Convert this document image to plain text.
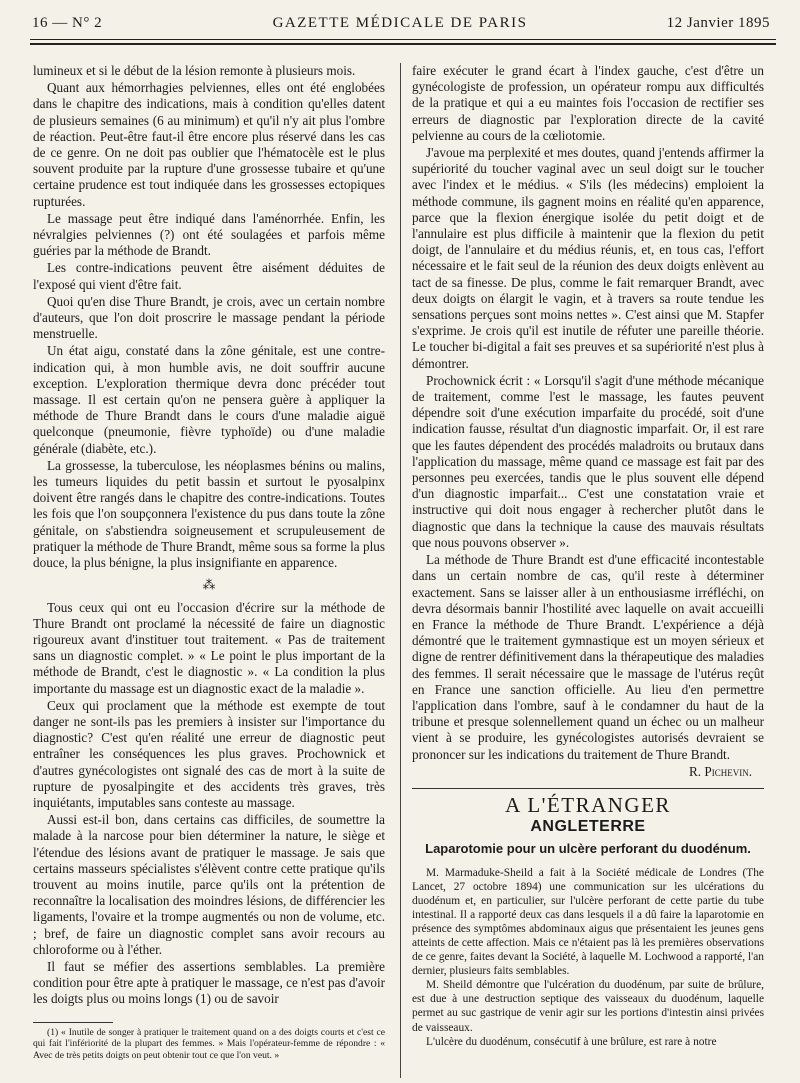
16 — N° 2	GAZETTE MÉDICALE DE PARIS	12 Janvier 1895

lumineux et si le début de la lésion remonte à plusieurs mois.

Quant aux hémorrhagies pelviennes, elles ont été englobées dans le chapitre des indications, mais à condition qu'elles datent de plusieurs semaines (6 au minimum) et qu'il n'y ait plus l'ombre de réaction. Peut-être faut-il être encore plus réservé dans les cas de ce genre. On ne doit pas oublier que l'hématocèle est le plus souvent produite par la rupture d'une grossesse tubaire et qu'une certaine prudence est tout indiquée dans les grossesses ectopiques rupturées.

Le massage peut être indiqué dans l'aménorrhée. Enfin, les névralgies pelviennes (?) ont été soulagées et parfois même guéries par la méthode de Brandt.

Les contre-indications peuvent être aisément déduites de l'exposé qui vient d'être fait.

Quoi qu'en dise Thure Brandt, je crois, avec un certain nombre d'auteurs, que l'on doit proscrire le massage pendant la période menstruelle.

Un état aigu, constaté dans la zône génitale, est une contre-indication qui, à mon humble avis, ne doit souffrir aucune exception. L'exploration thermique devra donc précéder tout massage. Il est certain qu'on ne pensera guère à appliquer la méthode de Thure Brandt dans le cours d'une maladie aiguë quelconque (pneumonie, fièvre typhoïde) ou d'une maladie générale (diabète, etc.).

La grossesse, la tuberculose, les néoplasmes bénins ou malins, les tumeurs liquides du petit bassin et surtout le pyosalpinx doivent être rangés dans le chapitre des contre-indications. Toutes les fois que l'on soupçonnera l'existence du pus dans toute la zône génitale, on s'abstiendra soigneusement et scrupuleusement de pratiquer la méthode de Thure Brandt, même sous sa forme la plus douce, la plus bénigne, la plus insignifiante en apparence.

⁂

Tous ceux qui ont eu l'occasion d'écrire sur la méthode de Thure Brandt ont proclamé la nécessité de faire un diagnostic rigoureux avant d'instituer tout traitement. « Pas de traitement sans un diagnostic complet. » « Le point le plus important de la méthode de Brandt, c'est le diagnostic ». « La condition la plus importante du massage est un diagnostic exact de la maladie ».

Ceux qui proclament que la méthode est exempte de tout danger ne sont-ils pas les premiers à insister sur l'importance du diagnostic? C'est qu'en réalité une erreur de diagnostic peut entraîner les conséquences les plus graves. Prochownick et d'autres gynécologistes ont signalé des cas de mort à la suite de rupture de pyosalpingite et des accidents très graves, très inquiétants, imputables sans conteste au massage.

Aussi est-il bon, dans certains cas difficiles, de soumettre la malade à la narcose pour bien déterminer la nature, le siège et l'étendue des lésions avant de pratiquer le massage. Je sais que certains masseurs spécialistes s'élèvent contre cette pratique qu'ils trouvent au moins inutile, parce qu'ils ont la prétention de reconnaître la localisation des moindres lésions, de différencier les ligaments, l'ovaire et la trompe augmentés ou non de volume, etc. ; bref, de faire un diagnostic complet sans avoir recours au chloroforme ou à l'éther.

Il faut se méfier des assertions semblables. La première condition pour être apte à pratiquer le massage, ce n'est pas d'avoir les doigts plus ou moins longs (1) ou de savoir

(1) « Inutile de songer à pratiquer le traitement quand on a des doigts courts et c'est ce qui fait l'infériorité de la plupart des femmes. » Mais l'opérateur-femme de répondre : « Avec de très petits doigts on peut obtenir tout ce que l'on veut. »

faire exécuter le grand écart à l'index gauche, c'est d'être un gynécologiste de profession, un opérateur rompu aux difficultés de la pratique et qui a eu maintes fois l'occasion de rectifier ses erreurs de diagnostic par l'exploration directe de la cavité pelvienne au cours de la cœliotomie.

J'avoue ma perplexité et mes doutes, quand j'entends affirmer la supériorité du toucher vaginal avec un seul doigt sur le toucher avec l'index et le médius. « S'ils (les médecins) emploient la méthode commune, ils gagnent moins en réalité qu'en apparence, parce que la flexion énergique isolée du petit doigt et de l'annulaire est plus difficile à maintenir que la flexion du petit doigt, de l'annulaire et du médius réunis, et, en tous cas, l'effort nécessaire et le fait seul de la réunion des deux doigts enlèvent au tact de sa finesse. De plus, comme le fait remarquer Brandt, avec deux doigts on élargit le vagin, et à travers sa route tendue les sensations perçues sont moins nettes ». C'est ainsi que M. Stapfer s'exprime. Je crois qu'il est inutile de réfuter une pareille théorie. Le toucher bi-digital a fait ses preuves et sa supériorité n'est plus à démontrer.

Prochownick écrit : « Lorsqu'il s'agit d'une méthode mécanique de traitement, comme l'est le massage, les fautes peuvent dépendre soit d'une exécution imparfaite du procédé, soit d'une indication fausse, résultat d'un diagnostic imparfait. Or, il est rare que les fautes dépendent des procédés maladroits ou brutaux dans l'application du massage, même quand ce massage est fait par des personnes peu exercées, tandis que le plus souvent elle dépend d'un diagnostic imparfait... C'est une constatation vraie et instructive qui doit nous engager à rechercher plutôt dans le diagnostic que dans la technique la cause des mauvais résultats que nous pouvons observer ».

La méthode de Thure Brandt est d'une efficacité incontestable dans un certain nombre de cas, qu'il reste à déterminer exactement. Sans se laisser aller à un enthousiasme irréfléchi, on devra désormais bannir l'hostilité avec laquelle on avait accueilli en France la méthode de Thure Brandt. L'expérience a déjà démontré que le traitement gymnastique est un moyen sérieux et digne de rentrer définitivement dans la thérapeutique des maladies des femmes. Il serait nécessaire que le massage de l'utérus reçût en France une sanction officielle. Au lieu d'en permettre l'application dans l'ombre, sauf à le condamner du haut de la tribune et presque solennellement quand un échec ou un malheur vient à se produire, les gynécologistes autorisés devraient se prononcer sur les indications du traitement de Thure Brandt.

R. Pichevin.
A L'ÉTRANGER
ANGLETERRE
Laparotomie pour un ulcère perforant du duodénum.

M. Marmaduke-Sheild a fait à la Société médicale de Londres (The Lancet, 27 octobre 1894) une communication sur les ulcérations du duodénum et, en particulier, sur l'ulcère perforant de cette partie du tube intestinal. Il a rapporté deux cas dans lesquels il a dû faire la laparotomie en présence des symptômes abdominaux aigus que présentaient les jeunes gens atteints de cette affection. Mais ce n'étaient pas là les premières observations de ce genre, faites devant la Société, à laquelle M. Lochwood a rapporté, l'an dernier, plusieurs faits semblables.

M. Sheild démontre que l'ulcération du duodénum, par suite de brûlure, est due à une destruction septique des vaisseaux du duodénum, laquelle permet au suc gastrique de venir agir sur les portions d'intestin ainsi privées de vaisseaux.

L'ulcère du duodénum, consécutif à une brûlure, est rare à notre
